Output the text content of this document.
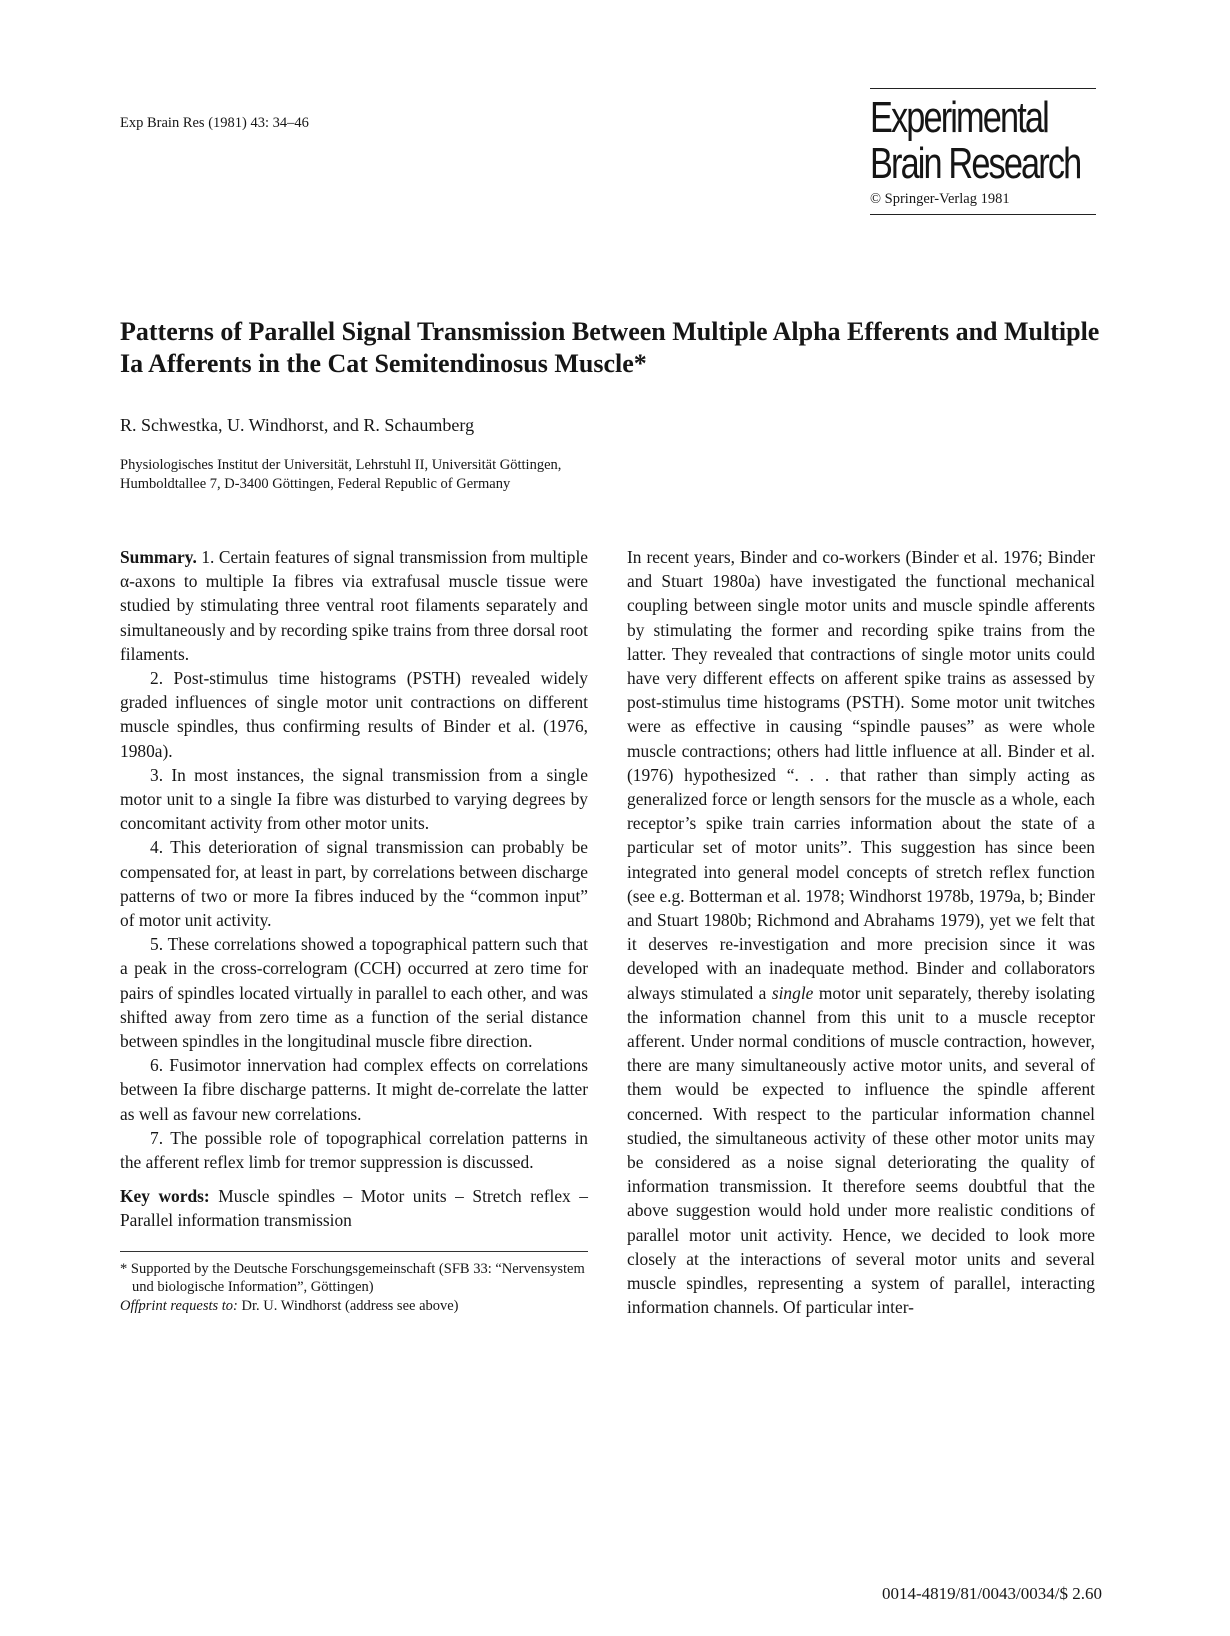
Exp Brain Res (1981) 43: 34–46	Experimental
Brain Research
© Springer-Verlag 1981
Patterns of Parallel Signal Transmission Between Multiple Alpha Efferents and Multiple Ia Afferents in the Cat Semitendinosus Muscle*
R. Schwestka, U. Windhorst, and R. Schaumberg
Physiologisches Institut der Universität, Lehrstuhl II, Universität Göttingen,
Humboldtallee 7, D-3400 Göttingen, Federal Republic of Germany

Summary. 1. Certain features of signal transmission from multiple α-axons to multiple Ia fibres via extrafusal muscle tissue were studied by stimulating three ventral root filaments separately and simultaneously and by recording spike trains from three dorsal root filaments.

2. Post-stimulus time histograms (PSTH) revealed widely graded influences of single motor unit contractions on different muscle spindles, thus confirming results of Binder et al. (1976, 1980a).

3. In most instances, the signal transmission from a single motor unit to a single Ia fibre was disturbed to varying degrees by concomitant activity from other motor units.

4. This deterioration of signal transmission can probably be compensated for, at least in part, by correlations between discharge patterns of two or more Ia fibres induced by the “common input” of motor unit activity.

5. These correlations showed a topographical pattern such that a peak in the cross-correlogram (CCH) occurred at zero time for pairs of spindles located virtually in parallel to each other, and was shifted away from zero time as a function of the serial distance between spindles in the longitudinal muscle fibre direction.

6. Fusimotor innervation had complex effects on correlations between Ia fibre discharge patterns. It might de-correlate the latter as well as favour new correlations.

7. The possible role of topographical correlation patterns in the afferent reflex limb for tremor suppression is discussed.

Key words: Muscle spindles – Motor units – Stretch reflex – Parallel information transmission

* Supported by the Deutsche Forschungsgemeinschaft (SFB 33: “Nervensystem und biologische Information”, Göttingen)
Offprint requests to: Dr. U. Windhorst (address see above)

In recent years, Binder and co-workers (Binder et al. 1976; Binder and Stuart 1980a) have investigated the functional mechanical coupling between single motor units and muscle spindle afferents by stimulating the former and recording spike trains from the latter. They revealed that contractions of single motor units could have very different effects on afferent spike trains as assessed by post-stimulus time histograms (PSTH). Some motor unit twitches were as effective in causing “spindle pauses” as were whole muscle contractions; others had little influence at all. Binder et al. (1976) hypothesized “. . . that rather than simply acting as generalized force or length sensors for the muscle as a whole, each receptor’s spike train carries information about the state of a particular set of motor units”. This suggestion has since been integrated into general model concepts of stretch reflex function (see e.g. Botterman et al. 1978; Windhorst 1978b, 1979a, b; Binder and Stuart 1980b; Richmond and Abrahams 1979), yet we felt that it deserves re-investigation and more precision since it was developed with an inadequate method. Binder and collaborators always stimulated a single motor unit separately, thereby isolating the information channel from this unit to a muscle receptor afferent. Under normal conditions of muscle contraction, however, there are many simultaneously active motor units, and several of them would be expected to influence the spindle afferent concerned. With respect to the particular information channel studied, the simultaneous activity of these other motor units may be considered as a noise signal deteriorating the quality of information transmission. It therefore seems doubtful that the above suggestion would hold under more realistic conditions of parallel motor unit activity. Hence, we decided to look more closely at the interactions of several motor units and several muscle spindles, representing a system of parallel, interacting information channels. Of particular inter-

0014-4819/81/0043/0034/$ 2.60
